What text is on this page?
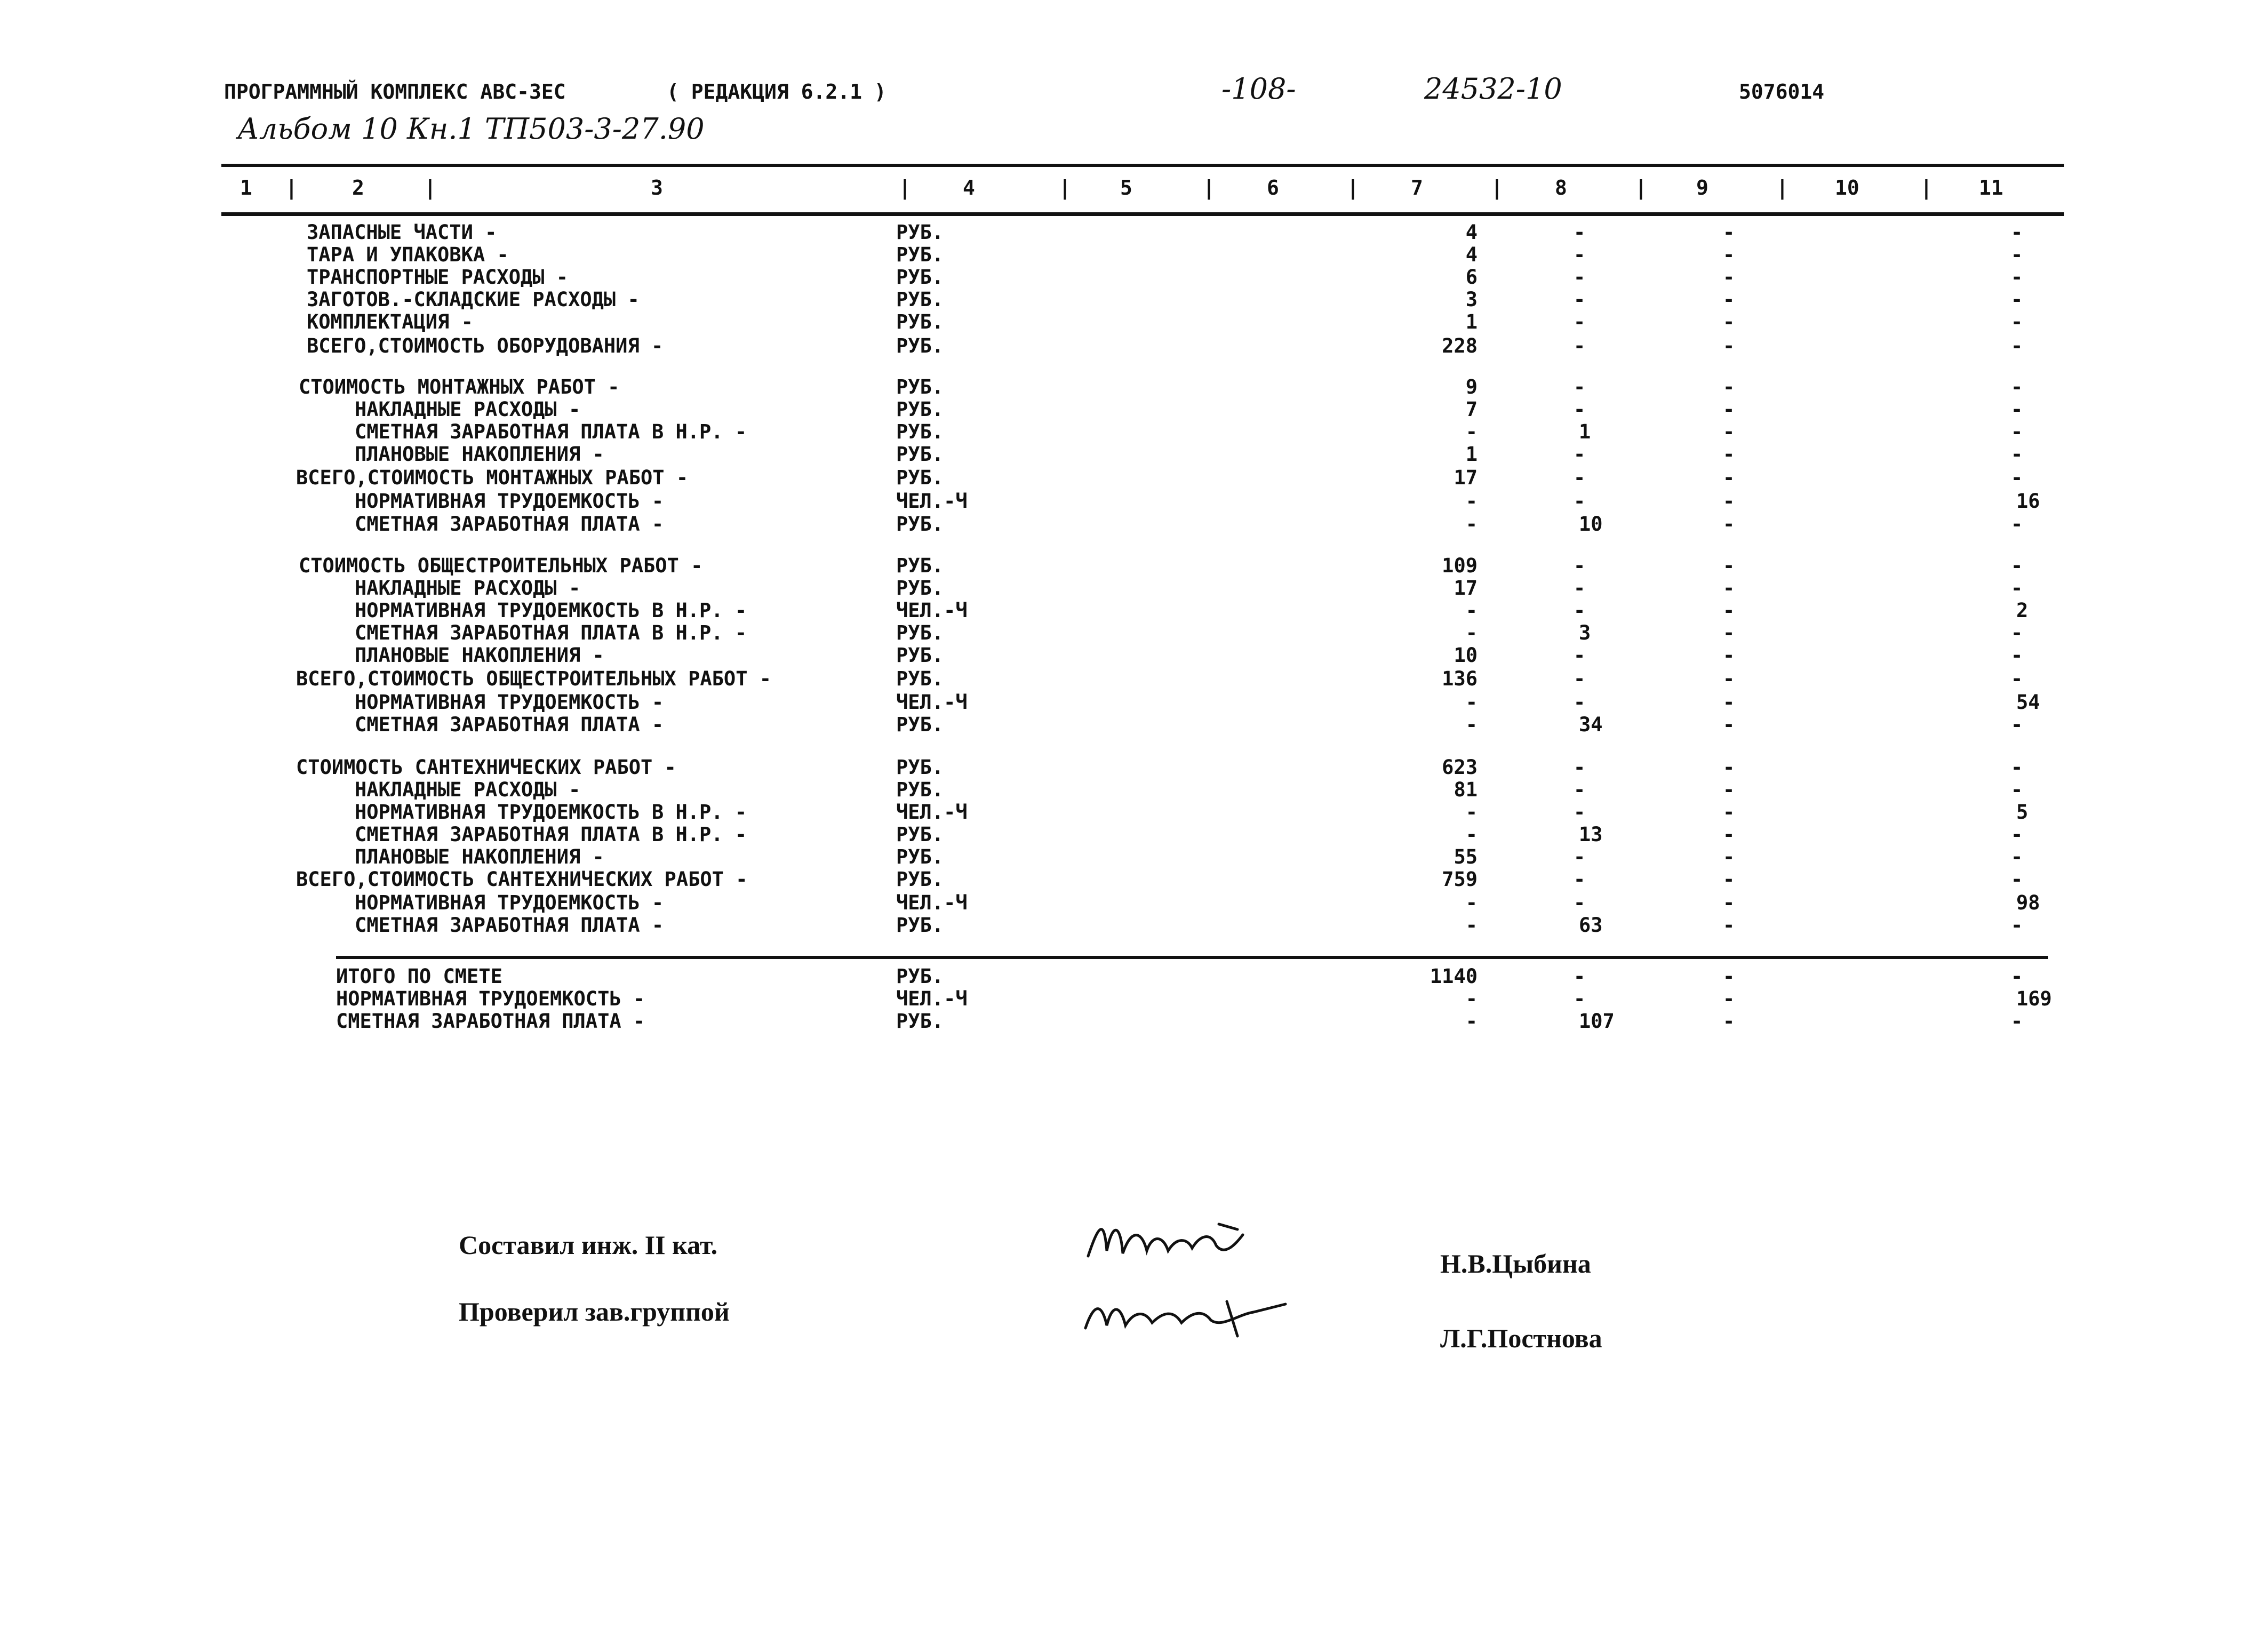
ПРОГРАММНЫЙ КОМПЛЕКС АВС-ЗЕС	( РЕДАКЦИЯ 6.2.1 )	-108-	24532-10	5076014
Альбом 10 Кн.1 ТП503-3-27.90
1	2	3	4	5	6	7	8	9	10	11
|	|	|	|	|	|	|	|	|	|
ЗАПАСНЫЕ ЧАСТИ -	РУБ.	4	-	-	-
ТАРА И УПАКОВКА -	РУБ.	4	-	-	-
ТРАНСПОРТНЫЕ РАСХОДЫ -	РУБ.	6	-	-	-
ЗАГОТОВ.-СКЛАДСКИЕ РАСХОДЫ -	РУБ.	3	-	-	-
КОМПЛЕКТАЦИЯ -	РУБ.	1	-	-	-
ВСЕГО,СТОИМОСТЬ ОБОРУДОВАНИЯ -	РУБ.	228	-	-	-
СТОИМОСТЬ МОНТАЖНЫХ РАБОТ -	РУБ.	9	-	-	-
НАКЛАДНЫЕ РАСХОДЫ -	РУБ.	7	-	-	-
СМЕТНАЯ ЗАРАБОТНАЯ ПЛАТА В Н.Р. -	РУБ.	-	1	-	-
ПЛАНОВЫЕ НАКОПЛЕНИЯ -	РУБ.	1	-	-	-
ВСЕГО,СТОИМОСТЬ МОНТАЖНЫХ РАБОТ -	РУБ.	17	-	-	-
НОРМАТИВНАЯ ТРУДОЕМКОСТЬ -	ЧЕЛ.-Ч	-	-	-	16
СМЕТНАЯ ЗАРАБОТНАЯ ПЛАТА -	РУБ.	-	10	-	-
СТОИМОСТЬ ОБЩЕСТРОИТЕЛЬНЫХ РАБОТ -	РУБ.	109	-	-	-
НАКЛАДНЫЕ РАСХОДЫ -	РУБ.	17	-	-	-
НОРМАТИВНАЯ ТРУДОЕМКОСТЬ В Н.Р. -	ЧЕЛ.-Ч	-	-	-	2
СМЕТНАЯ ЗАРАБОТНАЯ ПЛАТА В Н.Р. -	РУБ.	-	3	-	-
ПЛАНОВЫЕ НАКОПЛЕНИЯ -	РУБ.	10	-	-	-
ВСЕГО,СТОИМОСТЬ ОБЩЕСТРОИТЕЛЬНЫХ РАБОТ -	РУБ.	136	-	-	-
НОРМАТИВНАЯ ТРУДОЕМКОСТЬ -	ЧЕЛ.-Ч	-	-	-	54
СМЕТНАЯ ЗАРАБОТНАЯ ПЛАТА -	РУБ.	-	34	-	-
СТОИМОСТЬ САНТЕХНИЧЕСКИХ РАБОТ -	РУБ.	623	-	-	-
НАКЛАДНЫЕ РАСХОДЫ -	РУБ.	81	-	-	-
НОРМАТИВНАЯ ТРУДОЕМКОСТЬ В Н.Р. -	ЧЕЛ.-Ч	-	-	-	5
СМЕТНАЯ ЗАРАБОТНАЯ ПЛАТА В Н.Р. -	РУБ.	-	13	-	-
ПЛАНОВЫЕ НАКОПЛЕНИЯ -	РУБ.	55	-	-	-
ВСЕГО,СТОИМОСТЬ САНТЕХНИЧЕСКИХ РАБОТ -	РУБ.	759	-	-	-
НОРМАТИВНАЯ ТРУДОЕМКОСТЬ -	ЧЕЛ.-Ч	-	-	-	98
СМЕТНАЯ ЗАРАБОТНАЯ ПЛАТА -	РУБ.	-	63	-	-
ИТОГО ПО СМЕТЕ	РУБ.	1140	-	-	-
НОРМАТИВНАЯ ТРУДОЕМКОСТЬ -	ЧЕЛ.-Ч	-	-	-	169
СМЕТНАЯ ЗАРАБОТНАЯ ПЛАТА -	РУБ.	-	107	-	-
Составил инж. II кат.
Н.В.Цыбина
Проверил зав.группой
Л.Г.Постнова
